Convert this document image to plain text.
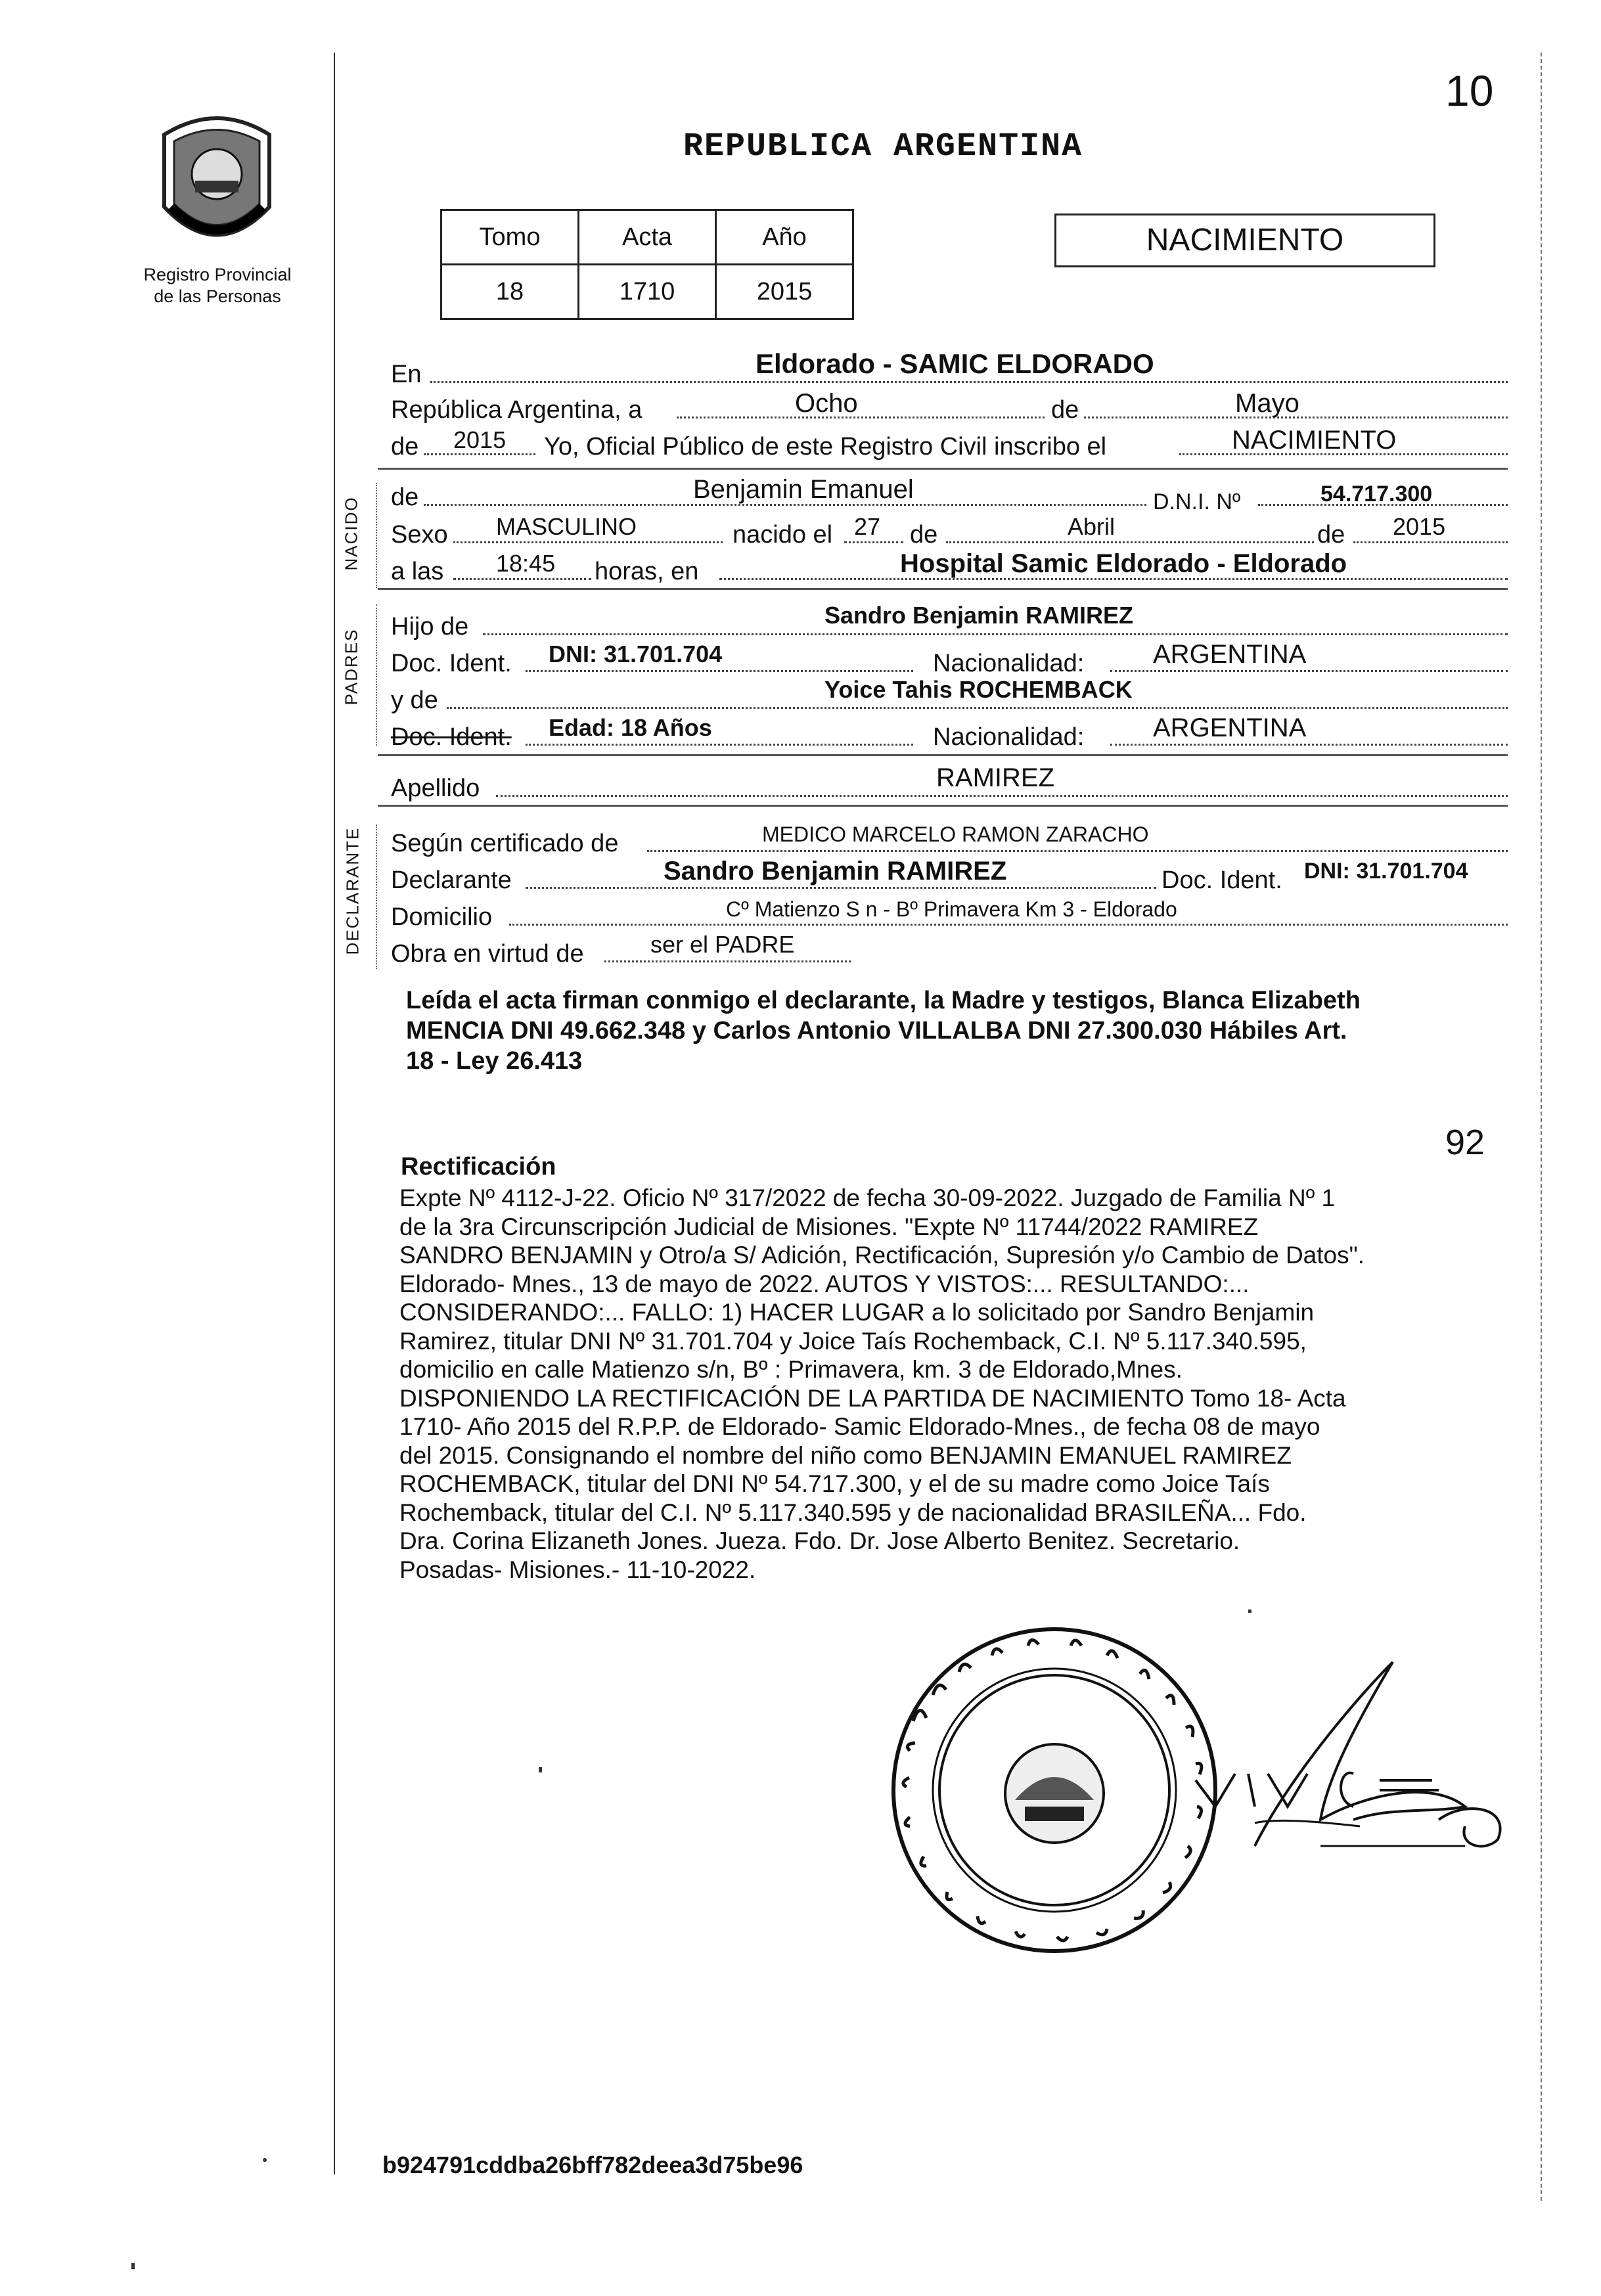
Registro Provincial
de las Personas
10
REPUBLICA ARGENTINA
Tomo	Acta	Año
18	1710	2015
NACIMIENTO
NACIDO
PADRES
DECLARANTE
En	Eldorado - SAMIC ELDORADO
República Argentina, a	Ocho	de	Mayo
de 2015 Yo, Oficial Público de este Registro Civil inscribo el	NACIMIENTO
de	Benjamin Emanuel	D.N.I. Nº	54.717.300
Sexo MASCULINO	nacido el 27 de	Abril	de 2015
a las 18:45 horas, en	Hospital Samic Eldorado - Eldorado
Hijo de	Sandro Benjamin RAMIREZ
Doc. Ident. DNI: 31.701.704	Nacionalidad:	ARGENTINA
y de	Yoice Tahis ROCHEMBACK
Doc. Ident. Edad: 18 Años	Nacionalidad:	ARGENTINA
Apellido	RAMIREZ
Según certificado de	MEDICO MARCELO RAMON ZARACHO
Declarante	Sandro Benjamin RAMIREZ	Doc. Ident. DNI: 31.701.704
Domicilio	Cº Matienzo S n - Bº Primavera Km 3 - Eldorado
Obra en virtud de	ser el PADRE
Leída el acta firman conmigo el declarante, la Madre y testigos, Blanca Elizabeth
MENCIA DNI 49.662.348 y Carlos Antonio VILLALBA DNI 27.300.030 Hábiles Art.
18 - Ley 26.413
92
Rectificación
Expte Nº 4112-J-22. Oficio Nº 317/2022 de fecha 30-09-2022. Juzgado de Familia Nº 1
de la 3ra Circunscripción Judicial de Misiones. "Expte Nº 11744/2022 RAMIREZ
SANDRO BENJAMIN y Otro/a S/ Adición, Rectificación, Supresión y/o Cambio de Datos".
Eldorado- Mnes., 13 de mayo de 2022. AUTOS Y VISTOS:... RESULTANDO:...
CONSIDERANDO:... FALLO: 1) HACER LUGAR a lo solicitado por Sandro Benjamin
Ramirez, titular DNI Nº 31.701.704 y Joice Taís Rochemback, C.I. Nº 5.117.340.595,
domicilio en calle Matienzo s/n, Bº : Primavera, km. 3 de Eldorado,Mnes.
DISPONIENDO LA RECTIFICACIÓN DE LA PARTIDA DE NACIMIENTO Tomo 18- Acta
1710- Año 2015 del R.P.P. de Eldorado- Samic Eldorado-Mnes., de fecha 08 de mayo
del 2015. Consignando el nombre del niño como BENJAMIN EMANUEL RAMIREZ
ROCHEMBACK, titular del DNI Nº 54.717.300, y el de su madre como Joice Taís
Rochemback, titular del C.I. Nº 5.117.340.595 y de nacionalidad BRASILEÑA... Fdo.
Dra. Corina Elizaneth Jones. Jueza. Fdo. Dr. Jose Alberto Benitez. Secretario.
Posadas- Misiones.- 11-10-2022.
b924791cddba26bff782deea3d75be96
